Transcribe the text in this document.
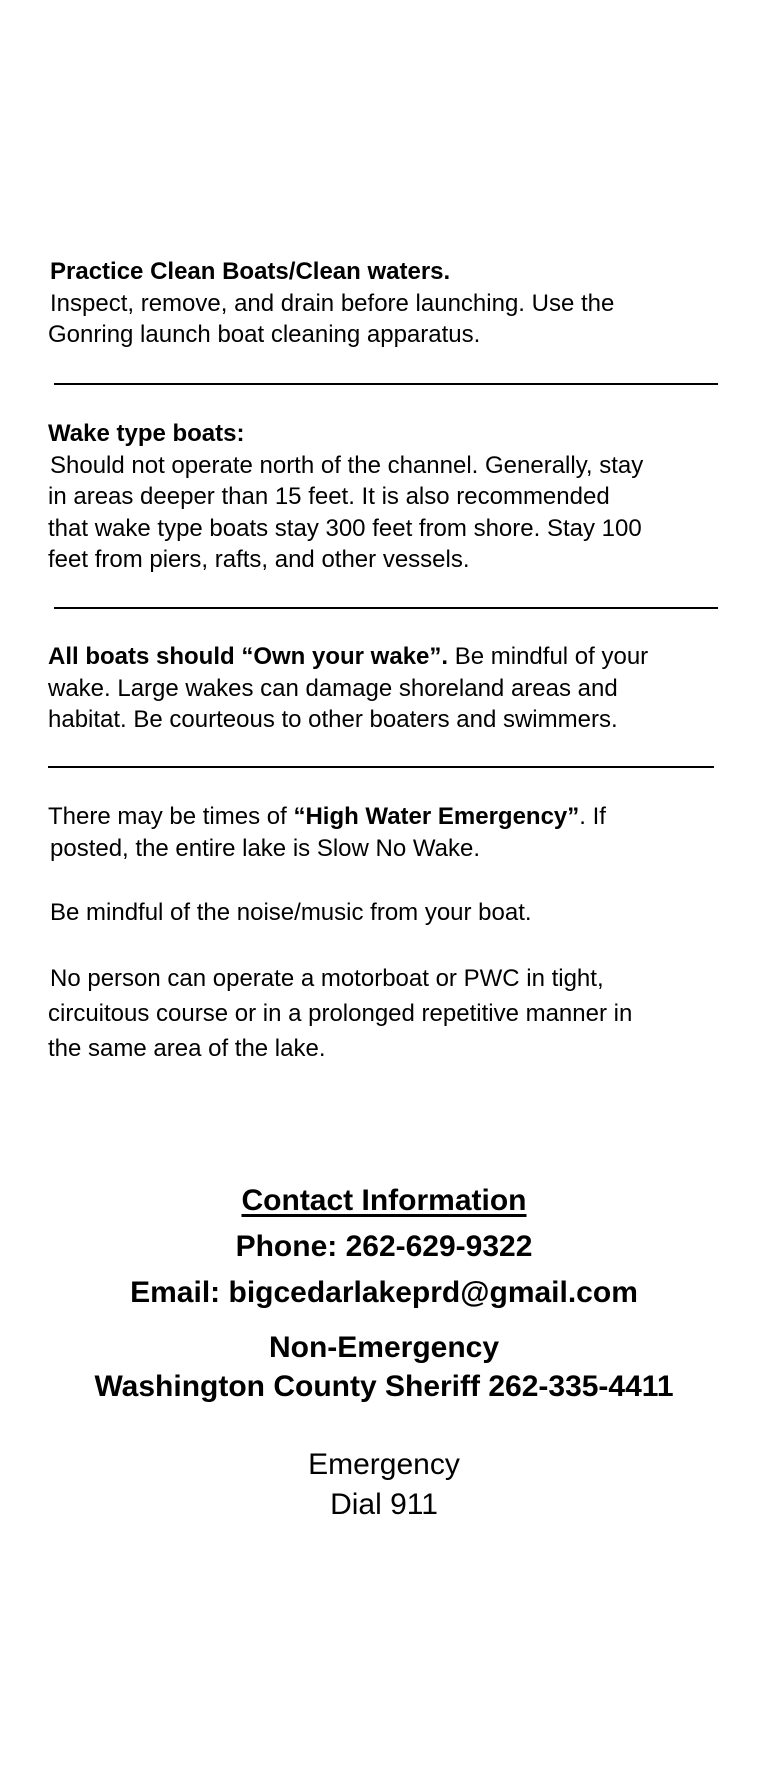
Practice Clean Boats/Clean waters.
Inspect, remove, and drain before launching. Use the
Gonring launch boat cleaning apparatus.
Wake type boats:
Should not operate north of the channel. Generally, stay
in areas deeper than 15 feet. It is also recommended
that wake type boats stay 300 feet from shore. Stay 100
feet from piers, rafts, and other vessels.
All boats should “Own your wake”. Be mindful of your
wake. Large wakes can damage shoreland areas and
habitat. Be courteous to other boaters and swimmers.
There may be times of “High Water Emergency”. If
posted, the entire lake is Slow No Wake.
Be mindful of the noise/music from your boat.
No person can operate a motorboat or PWC in tight,
circuitous course or in a prolonged repetitive manner in
the same area of the lake.
Contact Information
Phone: 262-629-9322
Email: bigcedarlakeprd@gmail.com
Non-Emergency
Washington County Sheriff 262-335-4411
Emergency
Dial 911
